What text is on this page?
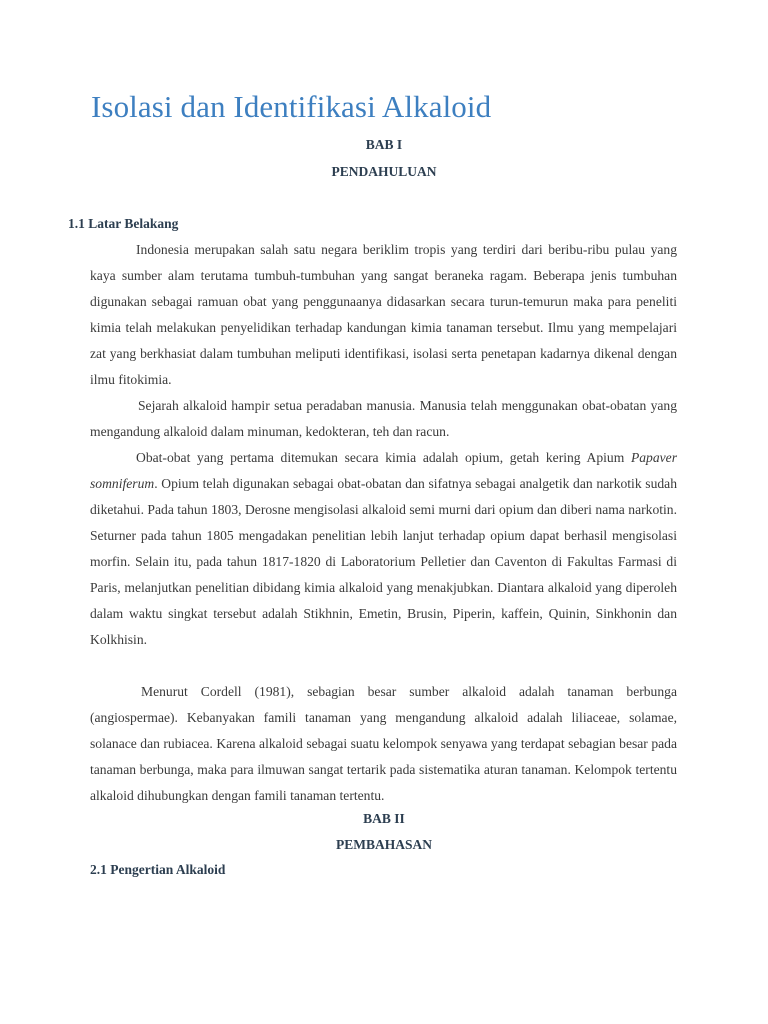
Isolasi dan Identifikasi Alkaloid

BAB I

PENDAHULUAN

1.1 Latar Belakang

Indonesia merupakan salah satu negara beriklim tropis yang terdiri dari beribu-ribu pulau yang kaya sumber alam terutama tumbuh-tumbuhan yang sangat beraneka ragam. Beberapa jenis tumbuhan digunakan sebagai ramuan obat yang penggunaanya didasarkan secara turun-temurun maka para peneliti kimia telah melakukan penyelidikan terhadap kandungan kimia tanaman tersebut. Ilmu yang mempelajari zat yang berkhasiat dalam tumbuhan meliputi identifikasi, isolasi serta penetapan kadarnya dikenal dengan ilmu fitokimia.

Sejarah alkaloid hampir setua peradaban manusia. Manusia telah menggunakan obat-obatan yang mengandung alkaloid dalam minuman, kedokteran, teh dan racun.

Obat-obat yang pertama ditemukan secara kimia adalah opium, getah kering Apium Papaver somniferum. Opium telah digunakan sebagai obat-obatan dan sifatnya sebagai analgetik dan narkotik sudah diketahui. Pada tahun 1803, Derosne mengisolasi alkaloid semi murni dari opium dan diberi nama narkotin. Seturner pada tahun 1805 mengadakan penelitian lebih lanjut terhadap opium dapat berhasil mengisolasi morfin. Selain itu, pada tahun 1817-1820 di Laboratorium Pelletier dan Caventon di Fakultas Farmasi di Paris, melanjutkan penelitian dibidang kimia alkaloid yang menakjubkan. Diantara alkaloid yang diperoleh dalam waktu singkat tersebut adalah Stikhnin, Emetin, Brusin, Piperin, kaffein, Quinin, Sinkhonin dan Kolkhisin.

Menurut Cordell (1981), sebagian besar sumber alkaloid adalah tanaman berbunga (angiospermae). Kebanyakan famili tanaman yang mengandung alkaloid adalah liliaceae, solamae, solanace dan rubiacea. Karena alkaloid sebagai suatu kelompok senyawa yang terdapat sebagian besar pada tanaman berbunga, maka para ilmuwan sangat tertarik pada sistematika aturan tanaman. Kelompok tertentu alkaloid dihubungkan dengan famili tanaman tertentu.

BAB II

PEMBAHASAN

2.1 Pengertian Alkaloid
